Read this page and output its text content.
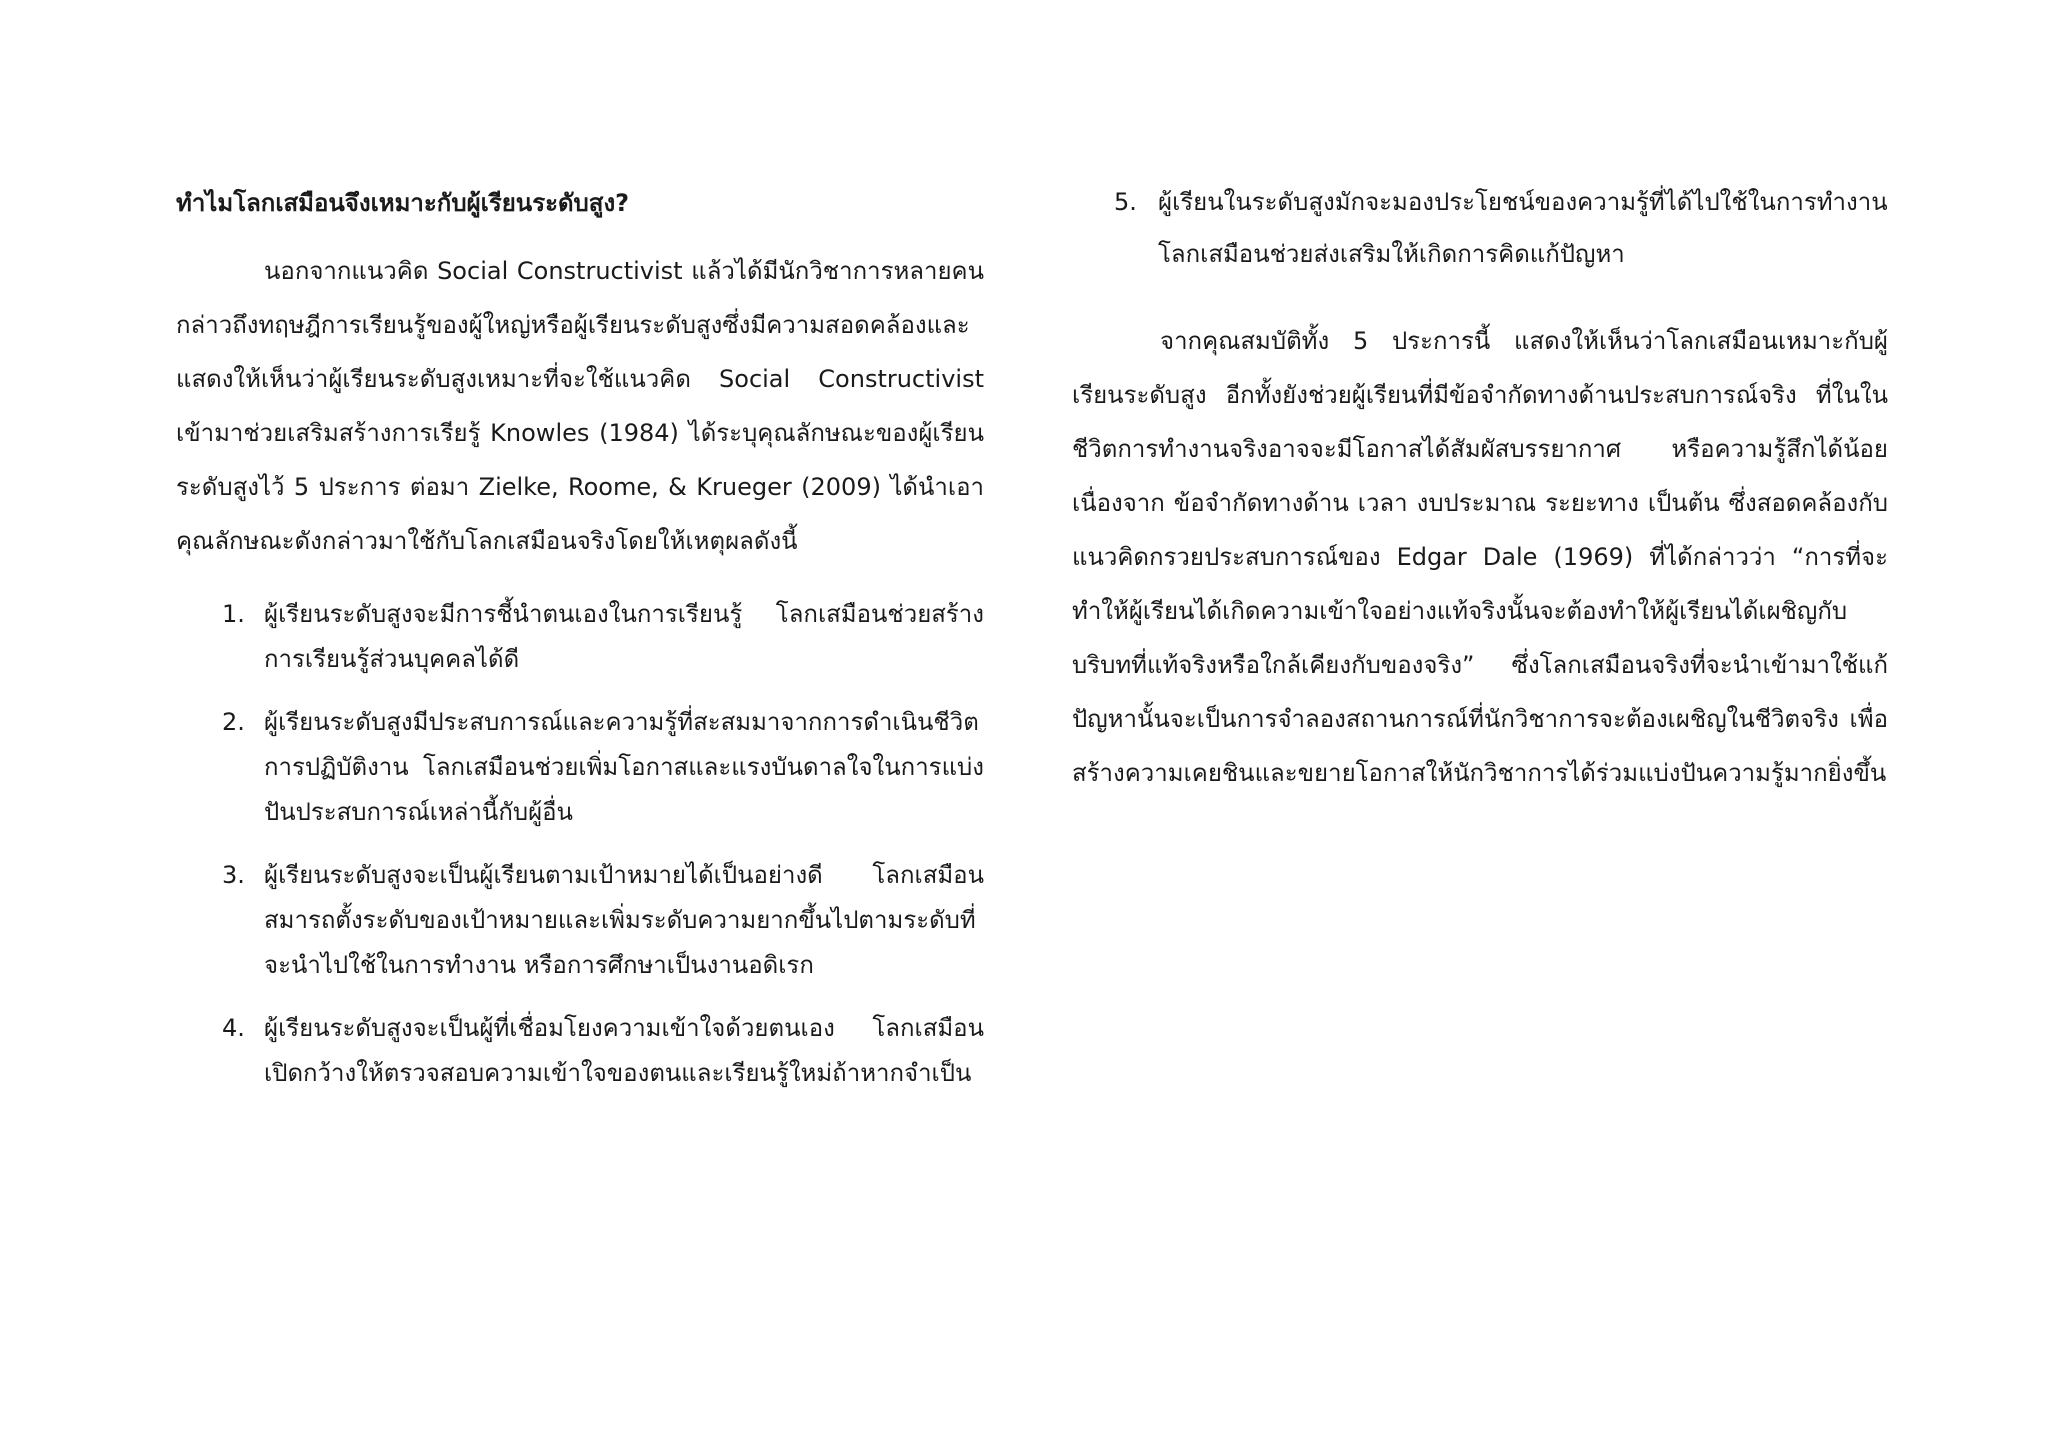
ทำไมโลกเสมือนจึงเหมาะกับผู้เรียนระดับสูง?

นอกจากแนวคิด Social Constructivist แล้วได้มีนักวิชาการหลายคนกล่าวถึงทฤษฎีการเรียนรู้ของผู้ใหญ่หรือผู้เรียนระดับสูงซึ่งมีความสอดคล้องและแสดงให้เห็นว่าผู้เรียนระดับสูงเหมาะที่จะใช้แนวคิด Social Constructivist เข้ามาช่วยเสริมสร้างการเรียรู้ Knowles (1984) ได้ระบุคุณลักษณะของผู้เรียนระดับสูงไว้ 5 ประการ ต่อมา Zielke, Roome, & Krueger (2009) ได้นำเอาคุณลักษณะดังกล่าวมาใช้กับโลกเสมือนจริงโดยให้เหตุผลดังนี้

1. ผู้เรียนระดับสูงจะมีการชี้นำตนเองในการเรียนรู้ โลกเสมือนช่วยสร้างการเรียนรู้ส่วนบุคคลได้ดี
2. ผู้เรียนระดับสูงมีประสบการณ์และความรู้ที่สะสมมาจากการดำเนินชีวิต การปฏิบัติงาน โลกเสมือนช่วยเพิ่มโอกาสและแรงบันดาลใจในการแบ่งปันประสบการณ์เหล่านี้กับผู้อื่น
3. ผู้เรียนระดับสูงจะเป็นผู้เรียนตามเป้าหมายได้เป็นอย่างดี โลกเสมือนสมารถตั้งระดับของเป้าหมายและเพิ่มระดับความยากขึ้นไปตามระดับที่จะนำไปใช้ในการทำงาน หรือการศึกษาเป็นงานอดิเรก
4. ผู้เรียนระดับสูงจะเป็นผู้ที่เชื่อมโยงความเข้าใจด้วยตนเอง โลกเสมือนเปิดกว้างให้ตรวจสอบความเข้าใจของตนและเรียนรู้ใหม่ถ้าหากจำเป็น
5. ผู้เรียนในระดับสูงมักจะมองประโยชน์ของความรู้ที่ได้ไปใช้ในการทำงาน โลกเสมือนช่วยส่งเสริมให้เกิดการคิดแก้ปัญหา

จากคุณสมบัติทั้ง 5 ประการนี้ แสดงให้เห็นว่าโลกเสมือนเหมาะกับผู้เรียนระดับสูง อีกทั้งยังช่วยผู้เรียนที่มีข้อจำกัดทางด้านประสบการณ์จริง ที่ในในชีวิตการทำงานจริงอาจจะมีโอกาสได้สัมผัสบรรยากาศ หรือความรู้สึกได้น้อย เนื่องจาก ข้อจำกัดทางด้าน เวลา งบประมาณ ระยะทาง เป็นต้น ซึ่งสอดคล้องกับแนวคิดกรวยประสบการณ์ของ Edgar Dale (1969) ที่ได้กล่าวว่า “การที่จะทำให้ผู้เรียนได้เกิดความเข้าใจอย่างแท้จริงนั้นจะต้องทำให้ผู้เรียนได้เผชิญกับบริบทที่แท้จริงหรือใกล้เคียงกับของจริง” ซึ่งโลกเสมือนจริงที่จะนำเข้ามาใช้แก้ปัญหานั้นจะเป็นการจำลองสถานการณ์ที่นักวิชาการจะต้องเผชิญในชีวิตจริง เพื่อสร้างความเคยชินและขยายโอกาสให้นักวิชาการได้ร่วมแบ่งปันความรู้มากยิ่งขึ้น
